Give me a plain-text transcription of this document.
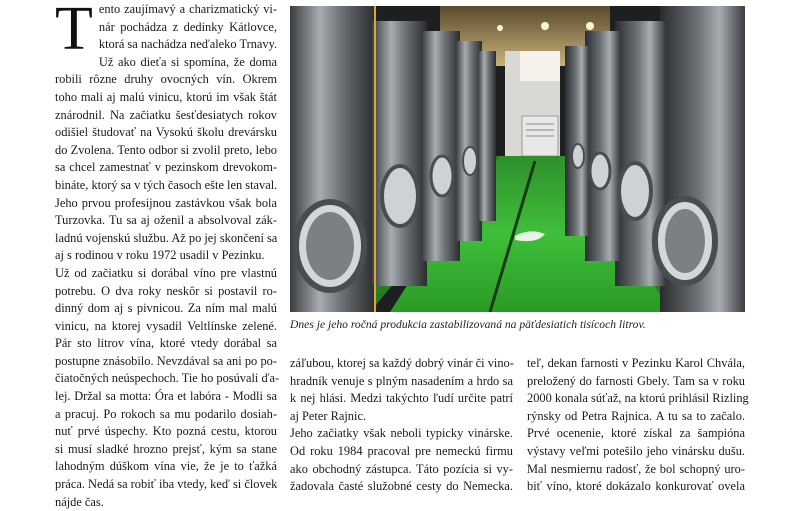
T ento zaujímavý a charizmatický vi-
nár pochádza z dedinky Kátlovce,
ktorá sa nachádza neďaleko Trnavy.
Už ako dieťa si spomína, že doma
robili rôzne druhy ovocných vín. Okrem
toho mali aj malú vinicu, ktorú im však štát
znárodnil. Na začiatku šesťdesiatych rokov
odišiel študovať na Vysokú školu drevársku
do Zvolena. Tento odbor si zvolil preto, lebo
sa chcel zamestnať v pezinskom drevokom-
bináte, ktorý sa v tých časoch ešte len staval.
Jeho prvou profesijnou zastávkou však bola
Turzovka. Tu sa aj oženil a absolvoval zák-
ladnú vojenskú službu. Až po jej skončení sa
aj s rodinou v roku 1972 usadil v Pezinku.
Už od začiatku si dorábal víno pre vlastnú
potrebu. O dva roky neskôr si postavil ro-
dinný dom aj s pivnicou. Za ním mal malú
vinicu, na ktorej vysadil Veltlínske zelené.
Pár sto litrov vína, ktoré vtedy dorábal sa
postupne znásobilo. Nevzdával sa ani po po-
čiatočných neúspechoch. Tie ho posúvali ďa-
lej. Držal sa motta: Óra et labóra - Modli sa
a pracuj. Po rokoch sa mu podarilo dosiah-
nuť prvé úspechy. Kto pozná cestu, ktorou
si musí sladké hrozno prejsť, kým sa stane
lahodným dúškom vína vie, že je to ťažká
práca. Nedá sa robiť iba vtedy, keď si človek
nájde čas.
Dnes je jeho ročná produkcia zastabilizovaná na päťdesiatich tisícoch litrov.
záľubou, ktorej sa každý dobrý vinár či vino-
hradník venuje s plným nasadením a hrdo sa
k nej hlási. Medzi takýchto ľudí určite patrí
aj Peter Rajnic.
Jeho začiatky však neboli typicky vinárske.
Od roku 1984 pracoval pre nemeckú firmu
ako obchodný zástupca. Táto pozícia si vy-
žadovala časté služobné cesty do Nemecka.
teľ, dekan farnosti v Pezinku Karol Chvála,
preložený do farnosti Gbely. Tam sa v roku
2000 konala súťaž, na ktorú prihlásil Rizling
rýnsky od Petra Rajnica. A tu sa to začalo.
Prvé ocenenie, ktoré získal za šampióna
výstavy veľmi potešilo jeho vinársku dušu.
Mal nesmiernu radosť, že bol schopný uro-
biť víno, ktoré dokázalo konkurovať ovela
